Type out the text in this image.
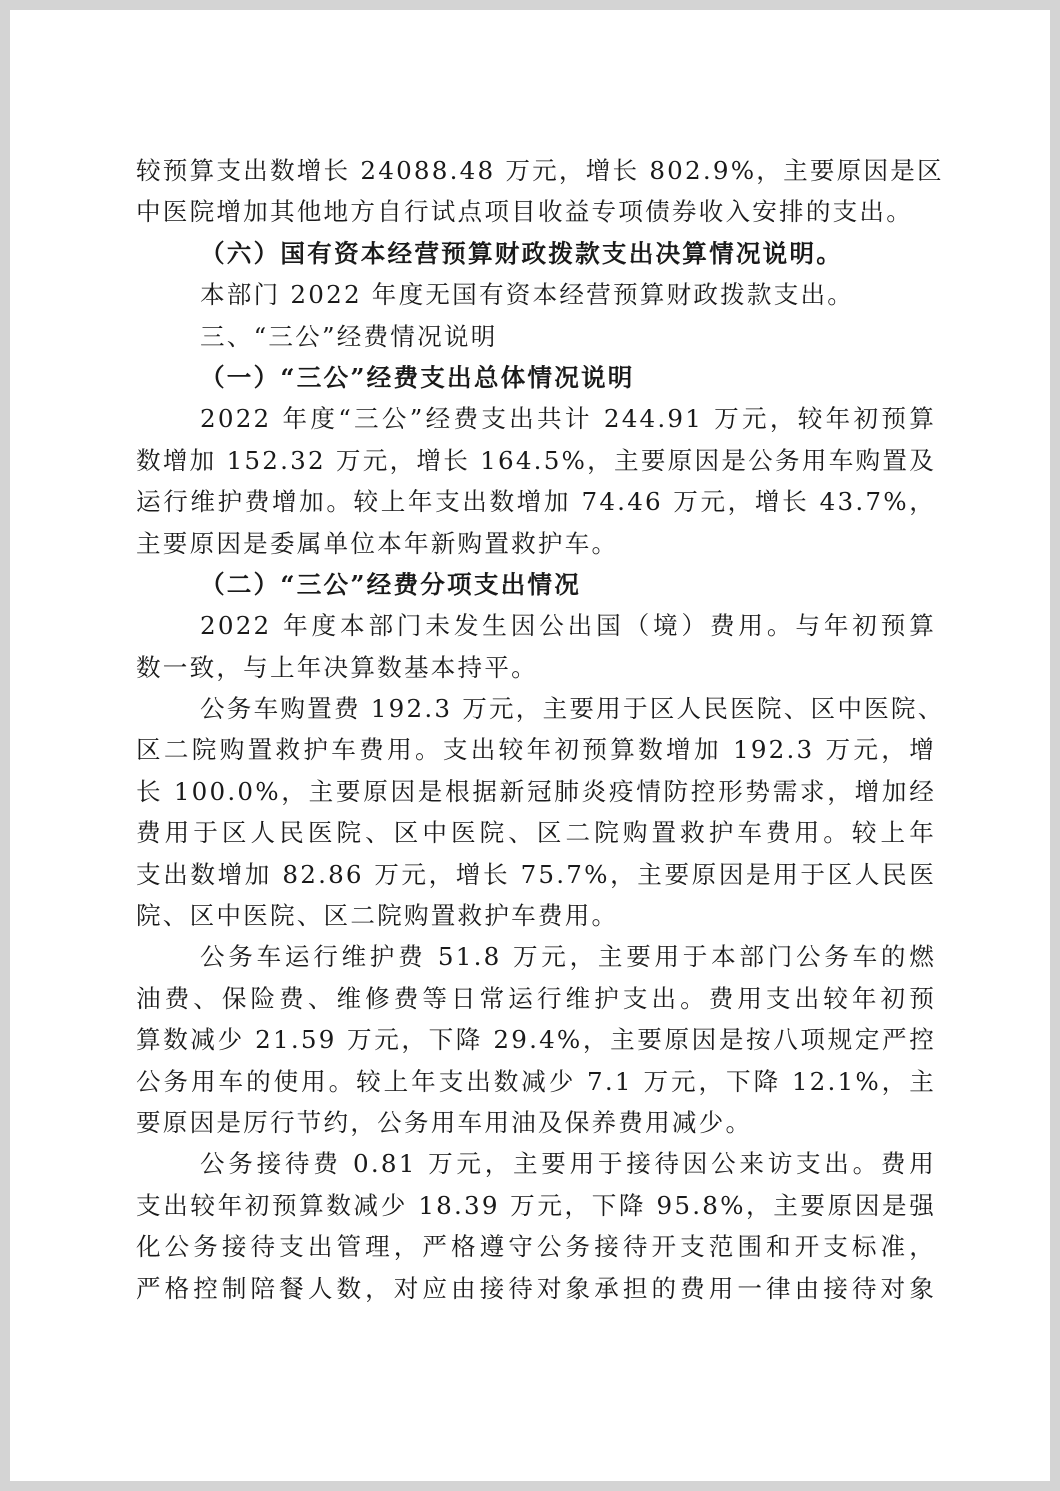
较预算支出数增长 24088.48 万元，增长 802.9%，主要原因是区
中医院增加其他地方自行试点项目收益专项债券收入安排的支出。
（六）国有资本经营预算财政拨款支出决算情况说明。
本部门 2022 年度无国有资本经营预算财政拨款支出。
三、“三公”经费情况说明
（一）“三公”经费支出总体情况说明
2022 年度“三公”经费支出共计 244.91 万元，较年初预算
数增加 152.32 万元，增长 164.5%，主要原因是公务用车购置及
运行维护费增加。较上年支出数增加 74.46 万元，增长 43.7%，
主要原因是委属单位本年新购置救护车。
（二）“三公”经费分项支出情况
2022 年度本部门未发生因公出国（境）费用。与年初预算
数一致，与上年决算数基本持平。
公务车购置费 192.3 万元，主要用于区人民医院、区中医院、
区二院购置救护车费用。支出较年初预算数增加 192.3 万元，增
长 100.0%，主要原因是根据新冠肺炎疫情防控形势需求，增加经
费用于区人民医院、区中医院、区二院购置救护车费用。较上年
支出数增加 82.86 万元，增长 75.7%，主要原因是用于区人民医
院、区中医院、区二院购置救护车费用。
公务车运行维护费 51.8 万元，主要用于本部门公务车的燃
油费、保险费、维修费等日常运行维护支出。费用支出较年初预
算数减少 21.59 万元，下降 29.4%，主要原因是按八项规定严控
公务用车的使用。较上年支出数减少 7.1 万元，下降 12.1%，主
要原因是厉行节约，公务用车用油及保养费用减少。
公务接待费 0.81 万元，主要用于接待因公来访支出。费用
支出较年初预算数减少 18.39 万元，下降 95.8%，主要原因是强
化公务接待支出管理，严格遵守公务接待开支范围和开支标准，
严格控制陪餐人数，对应由接待对象承担的费用一律由接待对象
